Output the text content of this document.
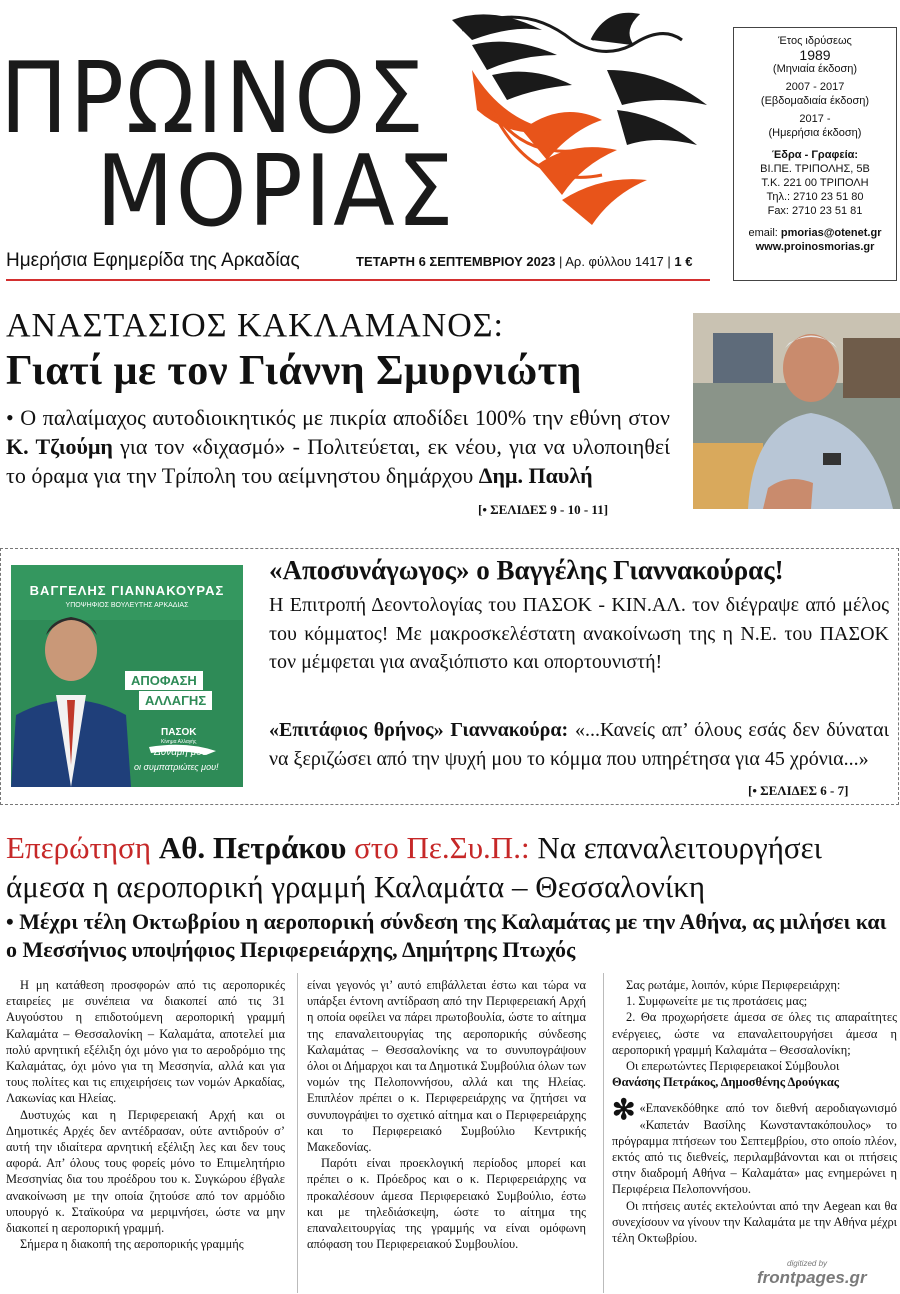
ΠΡΩΙΝΟΣ
ΜΟΡΙΑΣ
Ημερήσια Εφημερίδα της Αρκαδίας	ΤΕΤΑΡΤΗ 6 ΣΕΠΤΕΜΒΡΙΟΥ 2023 | Αρ. φύλλου 1417 | 1 €
Έτος ιδρύσεως
1989
(Μηνιαία έκδοση)
2007 - 2017
(Εβδομαδιαία έκδοση)
2017 -
(Ημερήσια έκδοση)
Έδρα - Γραφεία:
ΒΙ.ΠΕ. ΤΡΙΠΟΛΗΣ, 5Β
Τ.Κ. 221 00 ΤΡΙΠΟΛΗ
Τηλ.: 2710 23 51 80
Fax: 2710 23 51 81
email: pmorias@otenet.gr
www.proinosmorias.gr
ΑΝΑΣΤΑΣΙΟΣ ΚΑΚΛΑΜΑΝΟΣ:
Γιατί με τον Γιάννη Σμυρνιώτη
• Ο παλαίμαχος αυτοδιοικητικός με πικρία αποδίδει 100% την εθύνη στον Κ. Τζιούμη για τον «διχασμό» - Πολιτεύεται, εκ νέου, για να υλοποιηθεί το όραμα για την Τρίπολη του αείμνηστου δημάρχου Δημ. Παυλή
[• ΣΕΛΙΔΕΣ 9 - 10 - 11]
ΒΑΓΓΕΛΗΣ ΓΙΑΝΝΑΚΟΥΡΑΣ
ΥΠΟΨΗΦΙΟΣ ΒΟΥΛΕΥΤΗΣ ΑΡΚΑΔΙΑΣ
ΑΠΟΦΑΣΗ
ΑΛΛΑΓΗΣ
ΠΑΣΟΚ
Κίνημα Αλλαγής
Δύναμη μου
οι συμπατριώτες μου!
«Αποσυνάγωγος» ο Βαγγέλης Γιαννακούρας!
Η Επιτροπή Δεοντολογίας του ΠΑΣΟΚ - ΚΙΝ.ΑΛ. τον διέγραψε από μέλος του κόμματος! Με μακροσκελέστατη ανακοίνωση της η Ν.Ε. του ΠΑΣΟΚ τον μέμφεται για αναξιόπιστο και οπορτουνιστή!
«Επιτάφιος θρήνος» Γιαννακούρα: «...Κανείς απ’ όλους εσάς δεν δύναται να ξεριζώσει από την ψυχή μου το κόμμα που υπηρέτησα για 45 χρόνια...»
[• ΣΕΛΙΔΕΣ 6 - 7]
Επερώτηση Αθ. Πετράκου στο Πε.Συ.Π.: Να επαναλειτουργήσει άμεσα η αεροπορική γραμμή Καλαμάτα – Θεσσαλονίκη
• Μέχρι τέλη Οκτωβρίου η αεροπορική σύνδεση της Καλαμάτας με την Αθήνα, ας μιλήσει και ο Μεσσήνιος υποψήφιος Περιφερειάρχης, Δημήτρης Πτωχός

Η μη κατάθεση προσφορών από τις αεροπορικές εταιρείες με συνέπεια να διακοπεί από τις 31 Αυγούστου η επιδοτούμενη αεροπορική γραμμή Καλαμάτα – Θεσσαλονίκη – Καλαμάτα, αποτελεί μια πολύ αρνητική εξέλιξη όχι μόνο για το αεροδρόμιο της Καλαμάτας, όχι μόνο για τη Μεσσηνία, αλλά και για τους πολίτες και τις επιχειρήσεις των νομών Αρκαδίας, Λακωνίας και Ηλείας.

Δυστυχώς και η Περιφερειακή Αρχή και οι Δημοτικές Αρχές δεν αντέδρασαν, ούτε αντιδρούν σ’ αυτή την ιδιαίτερα αρνητική εξέλιξη λες και δεν τους αφορά. Απ’ όλους τους φορείς μόνο το Επιμελητήριο Μεσσηνίας δια του προέδρου του κ. Συγκώρου έβγαλε ανακοίνωση με την οποία ζητούσε από τον αρμόδιο υπουργό κ. Σταϊκούρα να μεριμνήσει, ώστε να μην διακοπεί η αεροπορική γραμμή.

Σήμερα η διακοπή της αεροπορικής γραμμής

είναι γεγονός γι’ αυτό επιβάλλεται έστω και τώρα να υπάρξει έντονη αντίδραση από την Περιφερειακή Αρχή η οποία οφείλει να πάρει πρωτοβουλία, ώστε το αίτημα της επαναλειτουργίας της αεροπορικής σύνδεσης Καλαμάτας – Θεσσαλονίκης να το συνυπογράψουν όλοι οι Δήμαρχοι και τα Δημοτικά Συμβούλια όλων των νομών της Πελοποννήσου, αλλά και της Ηλείας. Επιπλέον πρέπει ο κ. Περιφερειάρχης να ζητήσει να συνυπογράψει το σχετικό αίτημα και ο Περιφερειάρχης και το Περιφερειακό Συμβούλιο Κεντρικής Μακεδονίας.

Παρότι είναι προεκλογική περίοδος μπορεί και πρέπει ο κ. Πρόεδρος και ο κ. Περιφερειάρχης να προκαλέσουν άμεσα Περιφερειακό Συμβούλιο, έστω και με τηλεδιάσκεψη, ώστε το αίτημα της επαναλειτουργίας της γραμμής να είναι ομόφωνη απόφαση του Περιφερειακού Συμβουλίου.

Σας ρωτάμε, λοιπόν, κύριε Περιφερειάρχη:

1. Συμφωνείτε με τις προτάσεις μας;

2. Θα προχωρήσετε άμεσα σε όλες τις απαραίτητες ενέργειες, ώστε να επαναλειτουργήσει άμεσα η αεροπορική γραμμή Καλαμάτα – Θεσσαλονίκη;

Οι επερωτώντες Περιφερειακοί Σύμβουλοι

Θανάσης Πετράκος, Δημοσθένης Δρούγκας

✻ «Επανεκδόθηκε από τον διεθνή αεροδιαγωνισμό «Καπετάν Βασίλης Κωνσταντακόπουλος» το πρόγραμμα πτήσεων του Σεπτεμβρίου, στο οποίο πλέον, εκτός από τις διεθνείς, περιλαμβάνονται και οι πτήσεις στην διαδρομή Αθήνα – Καλαμάτα» μας ενημερώνει η Περιφέρεια Πελοποννήσου.

Οι πτήσεις αυτές εκτελούνται από την Aegean και θα συνεχίσουν να γίνουν την Καλαμάτα με την Αθήνα μέχρι τέλη Οκτωβρίου.

digitized by
frontpages.gr
